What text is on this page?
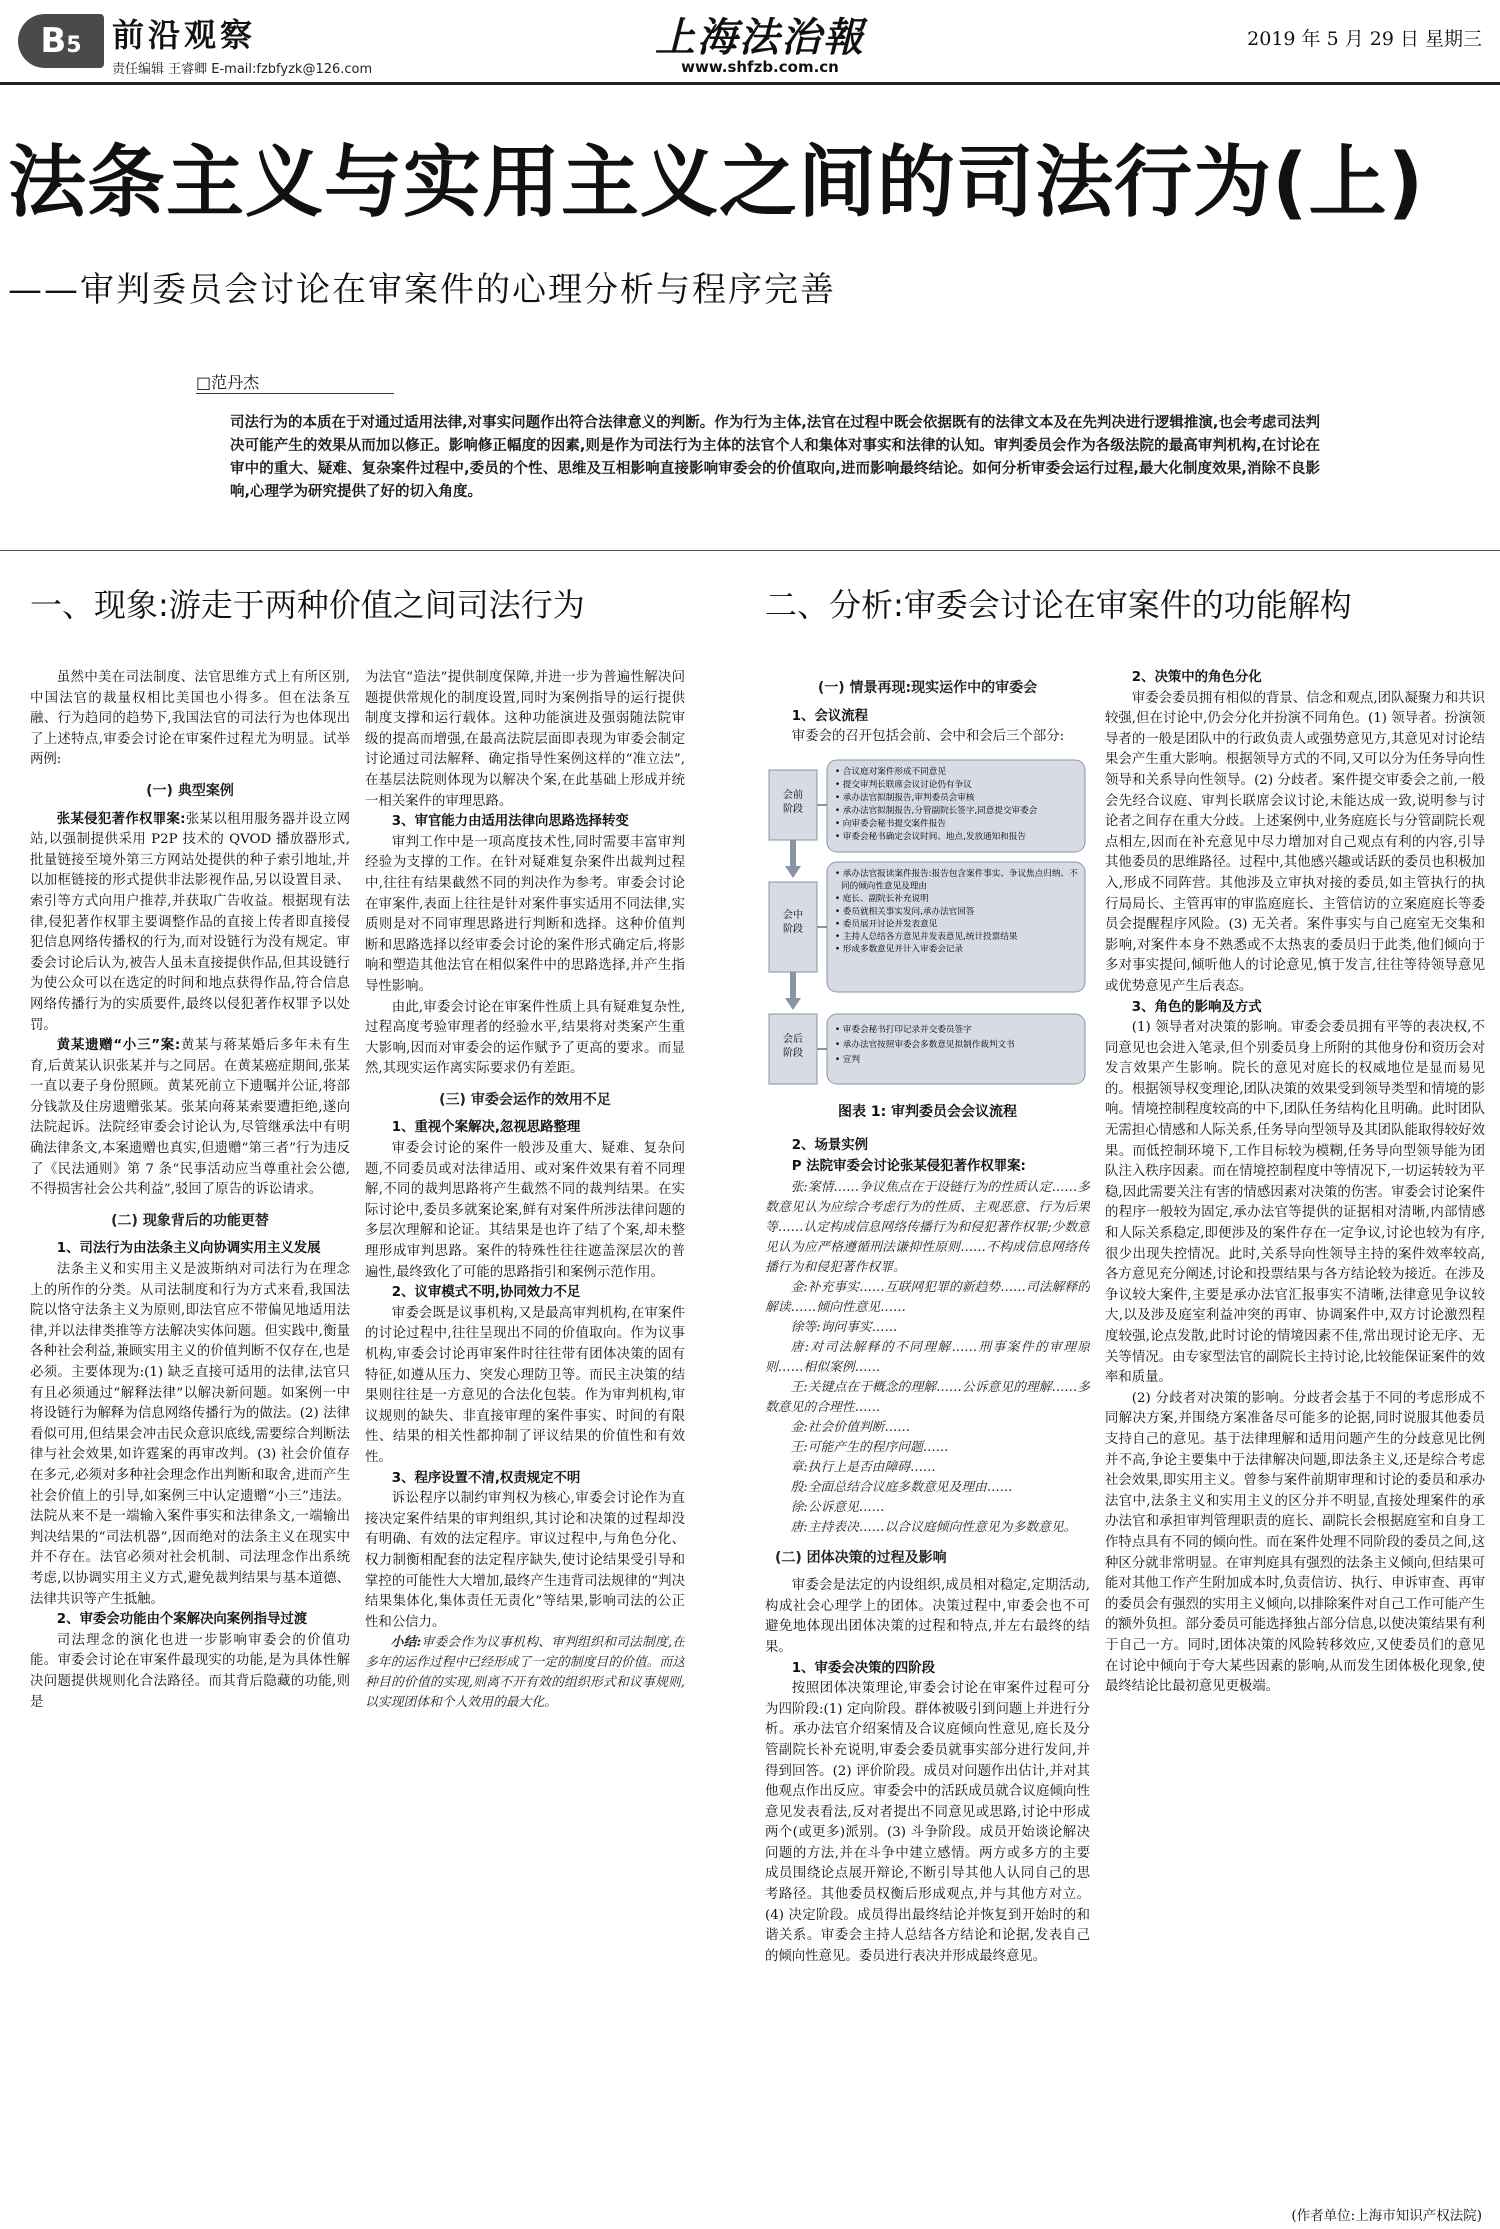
B5 前沿观察
责任编辑 王睿卿 E-mail:fzbfyzk@126.com
上海法治報
www.shfzb.com.cn
2019 年 5 月 29 日 星期三
法条主义与实用主义之间的司法行为(上)
——审判委员会讨论在审案件的心理分析与程序完善
□范丹杰
司法行为的本质在于对通过适用法律,对事实问题作出符合法律意义的判断。作为行为主体,法官在过程中既会依据既有的法律文本及在先判决进行逻辑推演,也会考虑司法判决可能产生的效果从而加以修正。影响修正幅度的因素,则是作为司法行为主体的法官个人和集体对事实和法律的认知。审判委员会作为各级法院的最高审判机构,在讨论在审中的重大、疑难、复杂案件过程中,委员的个性、思维及互相影响直接影响审委会的价值取向,进而影响最终结论。如何分析审委会运行过程,最大化制度效果,消除不良影响,心理学为研究提供了好的切入角度。
一、现象:游走于两种价值之间司法行为	二、分析:审委会讨论在审案件的功能解构

虽然中美在司法制度、法官思维方式上有所区别,中国法官的裁量权相比美国也小得多。但在法条互融、行为趋同的趋势下,我国法官的司法行为也体现出了上述特点,审委会讨论在审案件过程尤为明显。试举两例:

(一) 典型案例

张某侵犯著作权罪案:张某以租用服务器并设立网站,以强制提供采用 P2P 技术的 QVOD 播放器形式,批量链接至境外第三方网站处提供的种子索引地址,并以加框链接的形式提供非法影视作品,另以设置目录、索引等方式向用户推荐,并获取广告收益。根据现有法律,侵犯著作权罪主要调整作品的直接上传者即直接侵犯信息网络传播权的行为,而对设链行为没有规定。审委会讨论后认为,被告人虽未直接提供作品,但其设链行为使公众可以在选定的时间和地点获得作品,符合信息网络传播行为的实质要件,最终以侵犯著作权罪予以处罚。

黄某遗赠“小三”案:黄某与蒋某婚后多年未有生育,后黄某认识张某并与之同居。在黄某癌症期间,张某一直以妻子身份照顾。黄某死前立下遗嘱并公证,将部分钱款及住房遗赠张某。张某向蒋某索要遭拒绝,遂向法院起诉。法院经审委会讨论认为,尽管继承法中有明确法律条文,本案遗赠也真实,但遗赠“第三者”行为违反了《民法通则》第 7 条“民事活动应当尊重社会公德,不得损害社会公共利益”,驳回了原告的诉讼请求。

(二) 现象背后的功能更替
1、司法行为由法条主义向协调实用主义发展

法条主义和实用主义是波斯纳对司法行为在理念上的所作的分类。从司法制度和行为方式来看,我国法院以恪守法条主义为原则,即法官应不带偏见地适用法律,并以法律类推等方法解决实体问题。但实践中,衡量各种社会利益,兼顾实用主义的价值判断不仅存在,也是必须。主要体现为:(1) 缺乏直接可适用的法律,法官只有且必须通过“解释法律”以解决新问题。如案例一中将设链行为解释为信息网络传播行为的做法。(2) 法律看似可用,但结果会冲击民众意识底线,需要综合判断法律与社会效果,如许霆案的再审改判。(3) 社会价值存在多元,必须对多种社会理念作出判断和取舍,进而产生社会价值上的引导,如案例三中认定遗赠“小三”违法。法院从来不是一端输入案件事实和法律条文,一端输出判决结果的“司法机器”,因而绝对的法条主义在现实中并不存在。法官必须对社会机制、司法理念作出系统考虑,以协调实用主义方式,避免裁判结果与基本道德、法律共识等产生抵触。

2、审委会功能由个案解决向案例指导过渡

司法理念的演化也进一步影响审委会的价值功能。审委会讨论在审案件最现实的功能,是为具体性解决问题提供规则化合法路径。而其背后隐藏的功能,则是

为法官“造法”提供制度保障,并进一步为普遍性解决问题提供常规化的制度设置,同时为案例指导的运行提供制度支撑和运行载体。这种功能演进及强弱随法院审级的提高而增强,在最高法院层面即表现为审委会制定讨论通过司法解释、确定指导性案例这样的“准立法”,在基层法院则体现为以解决个案,在此基础上形成并统一相关案件的审理思路。

3、审官能力由适用法律向思路选择转变

审判工作中是一项高度技术性,同时需要丰富审判经验为支撑的工作。在针对疑难复杂案件出裁判过程中,往往有结果截然不同的判决作为参考。审委会讨论在审案件,表面上往往是针对案件事实适用不同法律,实质则是对不同审理思路进行判断和选择。这种价值判断和思路选择以经审委会讨论的案件形式确定后,将影响和塑造其他法官在相似案件中的思路选择,并产生指导性影响。

由此,审委会讨论在审案件性质上具有疑难复杂性,过程高度考验审理者的经验水平,结果将对类案产生重大影响,因而对审委会的运作赋予了更高的要求。而显然,其现实运作离实际要求仍有差距。

(三) 审委会运作的效用不足
1、重视个案解决,忽视思路整理

审委会讨论的案件一般涉及重大、疑难、复杂问题,不同委员或对法律适用、或对案件效果有着不同理解,不同的裁判思路将产生截然不同的裁判结果。在实际讨论中,委员多就案论案,鲜有对案件所涉法律问题的多层次理解和论证。其结果是也许了结了个案,却未整理形成审判思路。案件的特殊性往往遮盖深层次的普遍性,最终致化了可能的思路指引和案例示范作用。

2、议审模式不明,协同效力不足

审委会既是议事机构,又是最高审判机构,在审案件的讨论过程中,往往呈现出不同的价值取向。作为议事机构,审委会讨论再审案件时往往带有团体决策的固有特征,如遵从压力、突发心理防卫等。而民主决策的结果则往往是一方意见的合法化包装。作为审判机构,审议规则的缺失、非直接审理的案件事实、时间的有限性、结果的相关性都抑制了评议结果的价值性和有效性。

3、程序设置不清,权责规定不明

诉讼程序以制约审判权为核心,审委会讨论作为直接决定案件结果的审判组织,其讨论和决策的过程却没有明确、有效的法定程序。审议过程中,与角色分化、权力制衡相配套的法定程序缺失,使讨论结果受引导和掌控的可能性大大增加,最终产生违背司法规律的“判决结果集体化,集体责任无责化”等结果,影响司法的公正性和公信力。

小结:审委会作为议事机构、审判组织和司法制度,在多年的运作过程中已经形成了一定的制度目的价值。而这种目的价值的实现,则离不开有效的组织形式和议事规则,以实现团体和个人效用的最大化。

(一) 情景再现:现实运作中的审委会
1、会议流程

审委会的召开包括会前、会中和会后三个部分:

会前阶段
• 合议庭对案件形成不同意见
• 提交审判长联席会议讨论仍有争议
• 承办法官拟制报告,审判委员会审核
• 承办法官拟制报告,分管副院长签字,同意提交审委会
• 向审委会秘书提交案件报告
• 审委会秘书确定会议时间、地点,发放通知和报告
会中阶段
• 承办法官报读案件报告:报告包含案件事实、争议焦点归纳、不
同的倾向性意见及理由
• 庭长、副院长补充说明
• 委员就相关事实发问,承办法官回答
• 委员展开讨论并发表意见
• 主持人总结各方意见并发表意见,统计投票结果
• 形成多数意见并计入审委会记录
会后阶段
• 审委会秘书打印记录并交委员签字
• 承办法官按照审委会多数意见拟制作裁判文书
• 宣判
图表 1: 审判委员会会议流程
2、场景实例
P 法院审委会讨论张某侵犯著作权罪案:

张:案情……争议焦点在于设链行为的性质认定……多数意见认为应综合考虑行为的性质、主观恶意、行为后果等……认定构成信息网络传播行为和侵犯著作权罪;少数意见认为应严格遵循刑法谦抑性原则……不构成信息网络传播行为和侵犯著作权罪。

金:补充事实……互联网犯罪的新趋势……司法解释的解读……倾向性意见……

徐等:询问事实……

唐:对司法解释的不同理解……刑事案件的审理原则……相似案例……

王:关键点在于概念的理解……公诉意见的理解……多数意见的合理性……

金:社会价值判断……

王:可能产生的程序问题……

章:执行上是否由障碍……

殷:全面总结合议庭多数意见及理由……

徐:公诉意见……

唐:主持表决……以合议庭倾向性意见为多数意见。

(二) 团体决策的过程及影响

审委会是法定的内设组织,成员相对稳定,定期活动,构成社会心理学上的团体。决策过程中,审委会也不可避免地体现出团体决策的过程和特点,并左右最终的结果。

1、审委会决策的四阶段

按照团体决策理论,审委会讨论在审案件过程可分为四阶段:(1) 定向阶段。群体被吸引到问题上并进行分析。承办法官介绍案情及合议庭倾向性意见,庭长及分管副院长补充说明,审委会委员就事实部分进行发问,并得到回答。(2) 评价阶段。成员对问题作出估计,并对其他观点作出反应。审委会中的活跃成员就合议庭倾向性意见发表看法,反对者提出不同意见或思路,讨论中形成两个(或更多)派别。(3) 斗争阶段。成员开始谈论解决问题的方法,并在斗争中建立感情。两方或多方的主要成员围绕论点展开辩论,不断引导其他人认同自己的思考路径。其他委员权衡后形成观点,并与其他方对立。(4) 决定阶段。成员得出最终结论并恢复到开始时的和谐关系。审委会主持人总结各方结论和论据,发表自己的倾向性意见。委员进行表决并形成最终意见。

2、决策中的角色分化

审委会委员拥有相似的背景、信念和观点,团队凝聚力和共识较强,但在讨论中,仍会分化并扮演不同角色。(1) 领导者。扮演领导者的一般是团队中的行政负责人或强势意见方,其意见对讨论结果会产生重大影响。根据领导方式的不同,又可以分为任务导向性领导和关系导向性领导。(2) 分歧者。案件提交审委会之前,一般会先经合议庭、审判长联席会议讨论,未能达成一致,说明参与讨论者之间存在重大分歧。上述案例中,业务庭庭长与分管副院长观点相左,因而在补充意见中尽力增加对自己观点有利的内容,引导其他委员的思维路径。过程中,其他感兴趣或话跃的委员也积极加入,形成不同阵营。其他涉及立审执对接的委员,如主管执行的执行局局长、主管再审的审监庭庭长、主管信访的立案庭庭长等委员会提醒程序风险。(3) 无关者。案件事实与自己庭室无交集和影响,对案件本身不熟悉或不太热衷的委员归于此类,他们倾向于多对事实提问,倾听他人的讨论意见,慎于发言,往往等待领导意见或优势意见产生后表态。

3、角色的影响及方式

(1) 领导者对决策的影响。审委会委员拥有平等的表决权,不同意见也会进入笔录,但个别委员身上所附的其他身份和资历会对发言效果产生影响。院长的意见对庭长的权威地位是显而易见的。根据领导权变理论,团队决策的效果受到领导类型和情境的影响。情境控制程度较高的中下,团队任务结构化且明确。此时团队无需担心情感和人际关系,任务导向型领导及其团队能取得较好效果。而低控制环境下,工作目标较为模糊,任务导向型领导能为团队注入秩序因素。而在情境控制程度中等情况下,一切运转较为平稳,因此需要关注有害的情感因素对决策的伤害。审委会讨论案件的程序一般较为固定,承办法官等提供的证据相对清晰,内部情感和人际关系稳定,即便涉及的案件存在一定争议,讨论也较为有序,很少出现失控情况。此时,关系导向性领导主持的案件效率较高,各方意见充分阐述,讨论和投票结果与各方结论较为接近。在涉及争议较大案件,主要是承办法官汇报事实不清晰,法律意见争议较大,以及涉及庭室利益冲突的再审、协调案件中,双方讨论激烈程度较强,论点发散,此时讨论的情境因素不佳,常出现讨论无序、无关等情况。由专家型法官的副院长主持讨论,比较能保证案件的效率和质量。

(2) 分歧者对决策的影响。分歧者会基于不同的考虑形成不同解决方案,并围绕方案准备尽可能多的论据,同时说服其他委员支持自己的意见。基于法律理解和适用问题产生的分歧意见比例并不高,争论主要集中于法律解决问题,即法条主义,还是综合考虑社会效果,即实用主义。曾参与案件前期审理和讨论的委员和承办法官中,法条主义和实用主义的区分并不明显,直接处理案件的承办法官和承担审判管理职责的庭长、副院长会根据庭室和自身工作特点具有不同的倾向性。而在案件处理不同阶段的委员之间,这种区分就非常明显。在审判庭具有强烈的法条主义倾向,但结果可能对其他工作产生附加成本时,负责信访、执行、申诉审查、再审的委员会有强烈的实用主义倾向,以排除案件对自己工作可能产生的额外负担。部分委员可能选择独占部分信息,以使决策结果有利于自己一方。同时,团体决策的风险转移效应,又使委员们的意见在讨论中倾向于夸大某些因素的影响,从而发生团体极化现象,使最终结论比最初意见更极端。

(作者单位:上海市知识产权法院)
